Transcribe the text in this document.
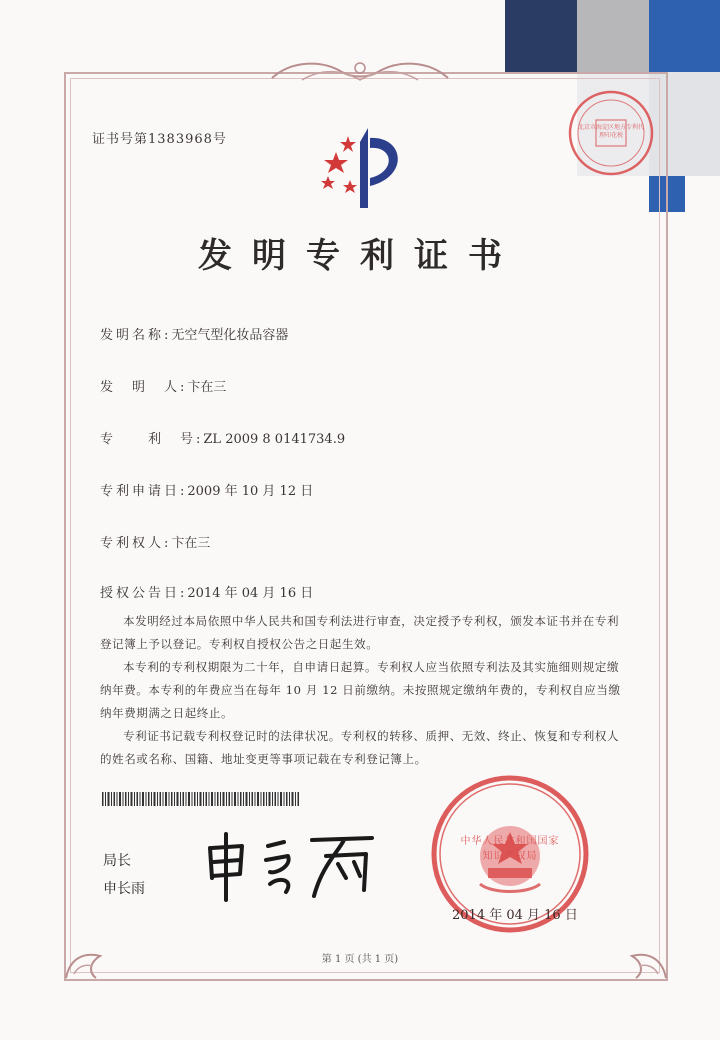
证书号第1383968号
北京市海淀区地方专利代理印花税
发明专利证书
发明名称:无空气型化妆品容器
发　明　人:卞在三
专　　利　号:ZL 2009 8 0141734.9
专利申请日:2009 年 10 月 12 日
专利权人:卞在三
授权公告日:2014 年 04 月 16 日

本发明经过本局依照中华人民共和国专利法进行审查，决定授予专利权，颁发本证书并在专利登记簿上予以登记。专利权自授权公告之日起生效。

本专利的专利权期限为二十年，自申请日起算。专利权人应当依照专利法及其实施细则规定缴纳年费。本专利的年费应当在每年 10 月 12 日前缴纳。未按照规定缴纳年费的，专利权自应当缴纳年费期满之日起终止。

专利证书记载专利权登记时的法律状况。专利权的转移、质押、无效、终止、恢复和专利权人的姓名或名称、国籍、地址变更等事项记载在专利登记簿上。

局长
申长雨
中华人民共和国国家知识产权局
2014 年 04 月 16 日
第 1 页 (共 1 页)
